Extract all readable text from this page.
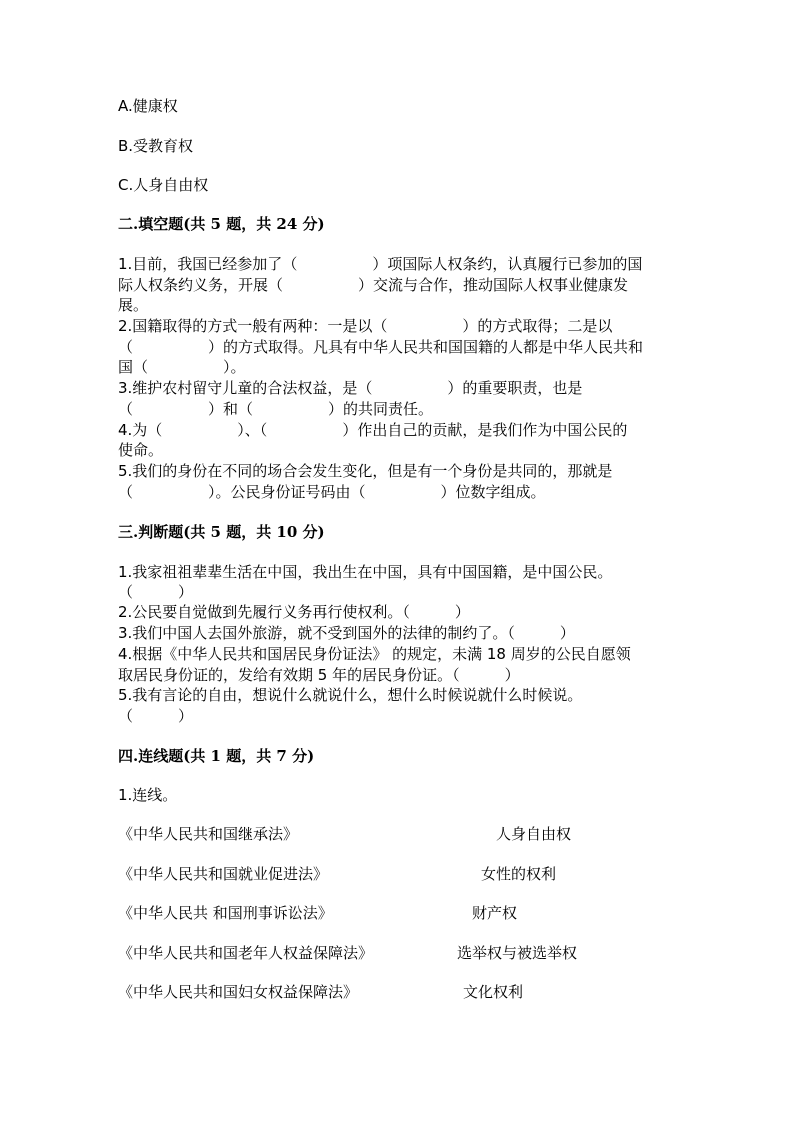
A.健康权
B.受教育权
C.人身自由权
二.填空题(共 5 题，共 24 分)
1.目前，我国已经参加了（　　　　　）项国际人权条约，认真履行已参加的国
际人权条约义务，开展（　　　　　）交流与合作，推动国际人权事业健康发
展。
2.国籍取得的方式一般有两种：一是以（　　　　　）的方式取得；二是以
（　　　　　）的方式取得。凡具有中华人民共和国国籍的人都是中华人民共和
国（　　　　　）。
3.维护农村留守儿童的合法权益，是（　　　　　）的重要职责，也是
（　　　　　）和（　　　　　）的共同责任。
4.为（　　　　　）、（　　　　　）作出自己的贡献，是我们作为中国公民的
使命。
5.我们的身份在不同的场合会发生变化，但是有一个身份是共同的，那就是
（　　　　　）。公民身份证号码由（　　　　　）位数字组成。
三.判断题(共 5 题，共 10 分)
1.我家祖祖辈辈生活在中国，我出生在中国，具有中国国籍，是中国公民。
（　　　）
2.公民要自觉做到先履行义务再行使权利。（　　　）
3.我们中国人去国外旅游，就不受到国外的法律的制约了。（　　　）
4.根据《中华人民共和国居民身份证法》 的规定，未满 18 周岁的公民自愿领
取居民身份证的，发给有效期 5 年的居民身份证。（　　　）
5.我有言论的自由，想说什么就说什么，想什么时候说就什么时候说。
（　　　）
四.连线题(共 1 题，共 7 分)
1.连线。
《中华人民共和国继承法》	人身自由权
《中华人民共和国就业促进法》	女性的权利
《中华人民共 和国刑事诉讼法》	财产权
《中华人民共和国老年人权益保障法》	选举权与被选举权
《中华人民共和国妇女权益保障法》	文化权利
